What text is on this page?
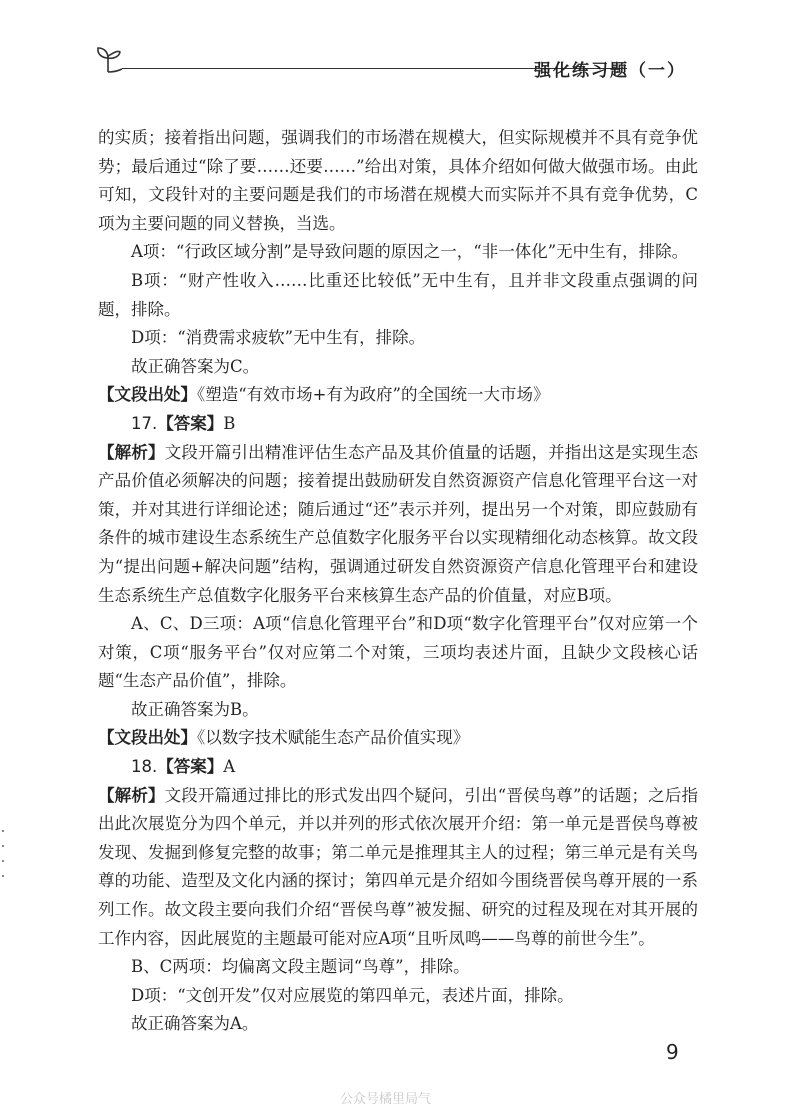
强化练习题（一）

的实质；接着指出问题，强调我们的市场潜在规模大，但实际规模并不具有竞争优势；最后通过“除了要……还要……”给出对策，具体介绍如何做大做强市场。由此可知，文段针对的主要问题是我们的市场潜在规模大而实际并不具有竞争优势，C项为主要问题的同义替换，当选。

A项：“行政区域分割”是导致问题的原因之一，“非一体化”无中生有，排除。

B项：“财产性收入……比重还比较低”无中生有，且并非文段重点强调的问题，排除。

D项：“消费需求疲软”无中生有，排除。

故正确答案为C。

【文段出处】《塑造“有效市场+有为政府”的全国统一大市场》

17.【答案】B

【解析】文段开篇引出精准评估生态产品及其价值量的话题，并指出这是实现生态产品价值必须解决的问题；接着提出鼓励研发自然资源资产信息化管理平台这一对策，并对其进行详细论述；随后通过“还”表示并列，提出另一个对策，即应鼓励有条件的城市建设生态系统生产总值数字化服务平台以实现精细化动态核算。故文段为“提出问题+解决问题”结构，强调通过研发自然资源资产信息化管理平台和建设生态系统生产总值数字化服务平台来核算生态产品的价值量，对应B项。

A、C、D三项：A项“信息化管理平台”和D项“数字化管理平台”仅对应第一个对策，C项“服务平台”仅对应第二个对策，三项均表述片面，且缺少文段核心话题“生态产品价值”，排除。

故正确答案为B。

【文段出处】《以数字技术赋能生态产品价值实现》

18.【答案】A

【解析】文段开篇通过排比的形式发出四个疑问，引出“晋侯鸟尊”的话题；之后指出此次展览分为四个单元，并以并列的形式依次展开介绍：第一单元是晋侯鸟尊被发现、发掘到修复完整的故事；第二单元是推理其主人的过程；第三单元是有关鸟尊的功能、造型及文化内涵的探讨；第四单元是介绍如今围绕晋侯鸟尊开展的一系列工作。故文段主要向我们介绍“晋侯鸟尊”被发掘、研究的过程及现在对其开展的工作内容，因此展览的主题最可能对应A项“且听凤鸣——鸟尊的前世今生”。

B、C两项：均偏离文段主题词“鸟尊”，排除。

D项：“文创开发”仅对应展览的第四单元，表述片面，排除。

故正确答案为A。

9
公众号橘里局气
